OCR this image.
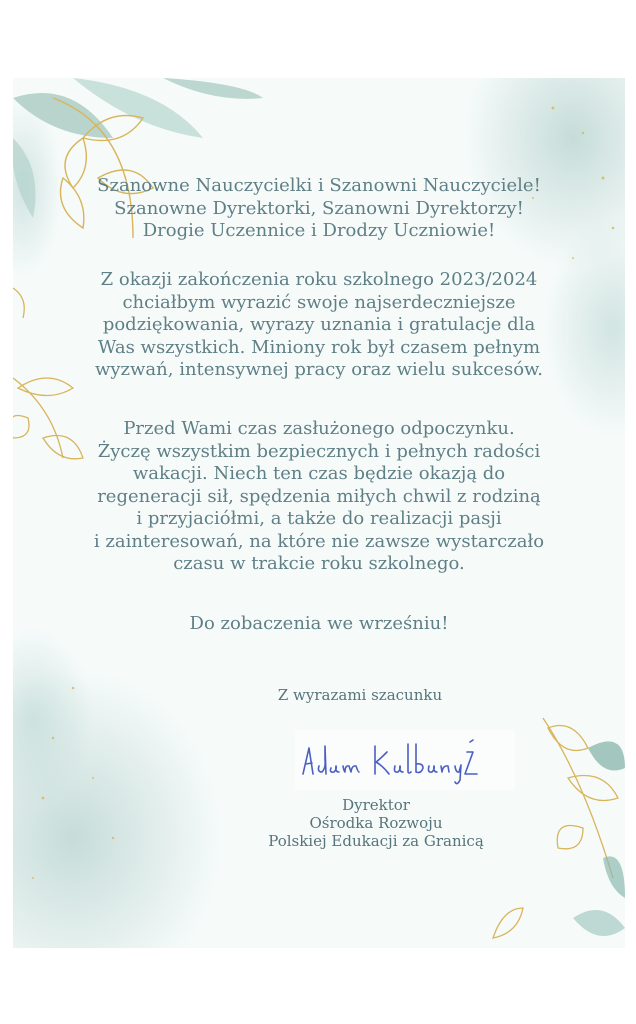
Szanowne Nauczycielki i Szanowni Nauczyciele!
Szanowne Dyrektorki, Szanowni Dyrektorzy!
Drogie Uczennice i Drodzy Uczniowie!
Z okazji zakończenia roku szkolnego 2023/2024
chciałbym wyrazić swoje najserdeczniejsze
podziękowania, wyrazy uznania i gratulacje dla
Was wszystkich. Miniony rok był czasem pełnym
wyzwań, intensywnej pracy oraz wielu sukcesów.
Przed Wami czas zasłużonego odpoczynku.
Życzę wszystkim bezpiecznych i pełnych radości
wakacji. Niech ten czas będzie okazją do
regeneracji sił, spędzenia miłych chwil z rodziną
i przyjaciółmi, a także do realizacji pasji
i zainteresowań, na które nie zawsze wystarczało
czasu w trakcie roku szkolnego.
Do zobaczenia we wrześniu!
Z wyrazami szacunku
Dyrektor
Ośrodka Rozwoju
Polskiej Edukacji za Granicą
